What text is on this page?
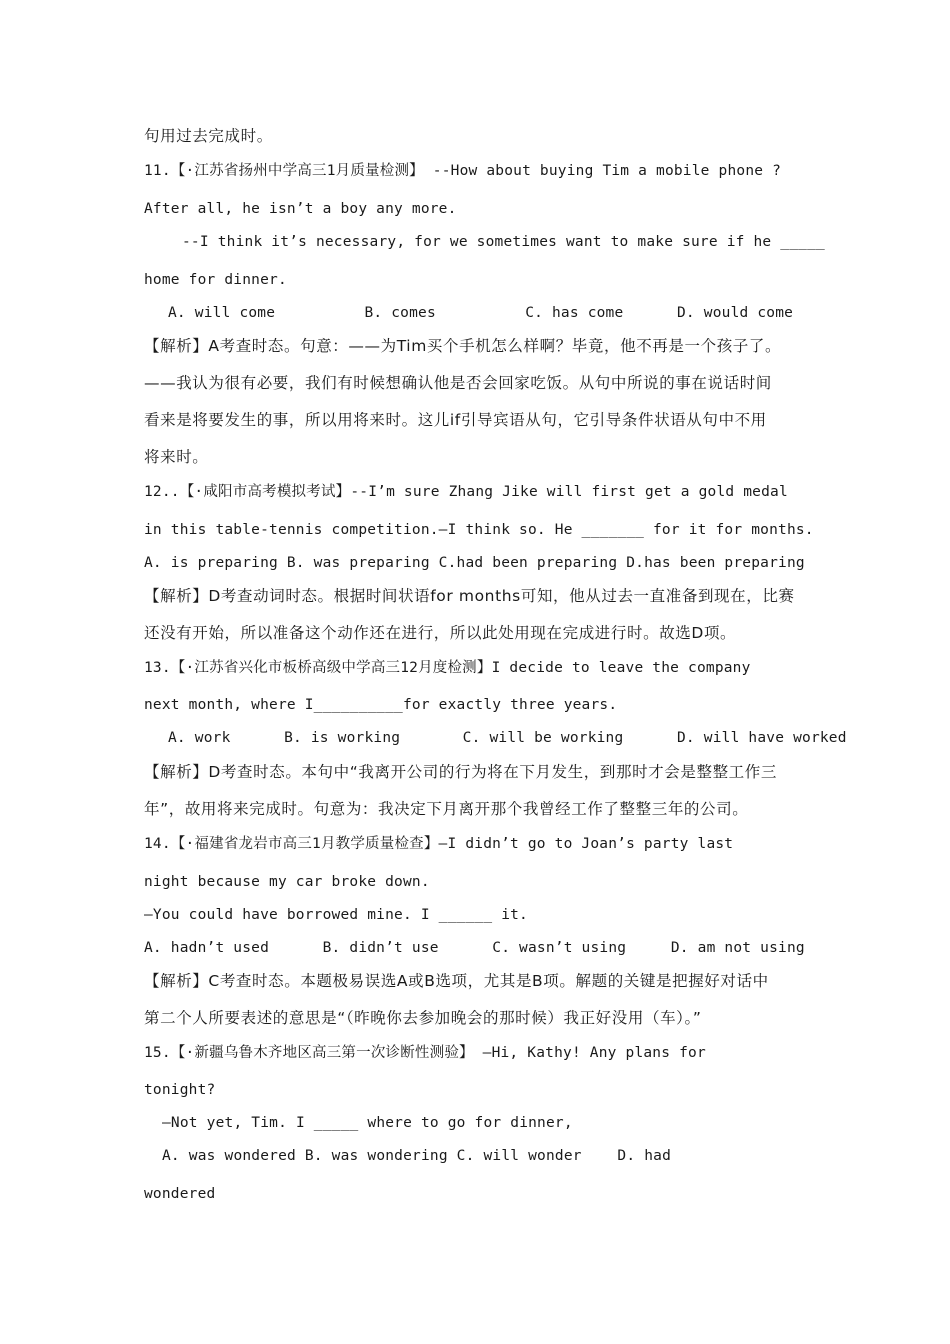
句用过去完成时。
11.【·江苏省扬州中学高三1月质量检测】 --How about buying Tim a mobile phone ?
After all, he isn’t a boy any more.
--I think it’s necessary, for we sometimes want to make sure if he _____
home for dinner.
A. will come          B. comes          C. has come      D. would come
【解析】A考查时态。句意：——为Tim买个手机怎么样啊？毕竟，他不再是一个孩子了。
——我认为很有必要，我们有时候想确认他是否会回家吃饭。从句中所说的事在说话时间
看来是将要发生的事，所以用将来时。这儿if引导宾语从句，它引导条件状语从句中不用
将来时。
12..【·咸阳市高考模拟考试】--I’m sure Zhang Jike will first get a gold medal
in this table-tennis competition.—I think so. He _______ for it for months.
A. is preparing B. was preparing C.had been preparing D.has been preparing
【解析】D考查动词时态。根据时间状语for months可知，他从过去一直准备到现在，比赛
还没有开始，所以准备这个动作还在进行，所以此处用现在完成进行时。故选D项。
13.【·江苏省兴化市板桥高级中学高三12月度检测】I decide to leave the company
next month, where I__________for exactly three years.
A. work      B. is working       C. will be working      D. will have worked
【解析】D考查时态。本句中“我离开公司的行为将在下月发生，到那时才会是整整工作三
年”，故用将来完成时。句意为：我决定下月离开那个我曾经工作了整整三年的公司。
14.【·福建省龙岩市高三1月教学质量检查】—I didn’t go to Joan’s party last
night because my car broke down.
—You could have borrowed mine. I ______ it.
A. hadn’t used      B. didn’t use      C. wasn’t using     D. am not using
【解析】C考查时态。本题极易误选A或B选项，尤其是B项。解题的关键是把握好对话中
第二个人所要表述的意思是“（昨晚你去参加晚会的那时候）我正好没用（车）。”
15.【·新疆乌鲁木齐地区高三第一次诊断性测验】 —Hi, Kathy! Any plans for
tonight?
—Not yet, Tim. I _____ where to go for dinner,
A. was wondered B. was wondering C. will wonder    D. had
wondered
